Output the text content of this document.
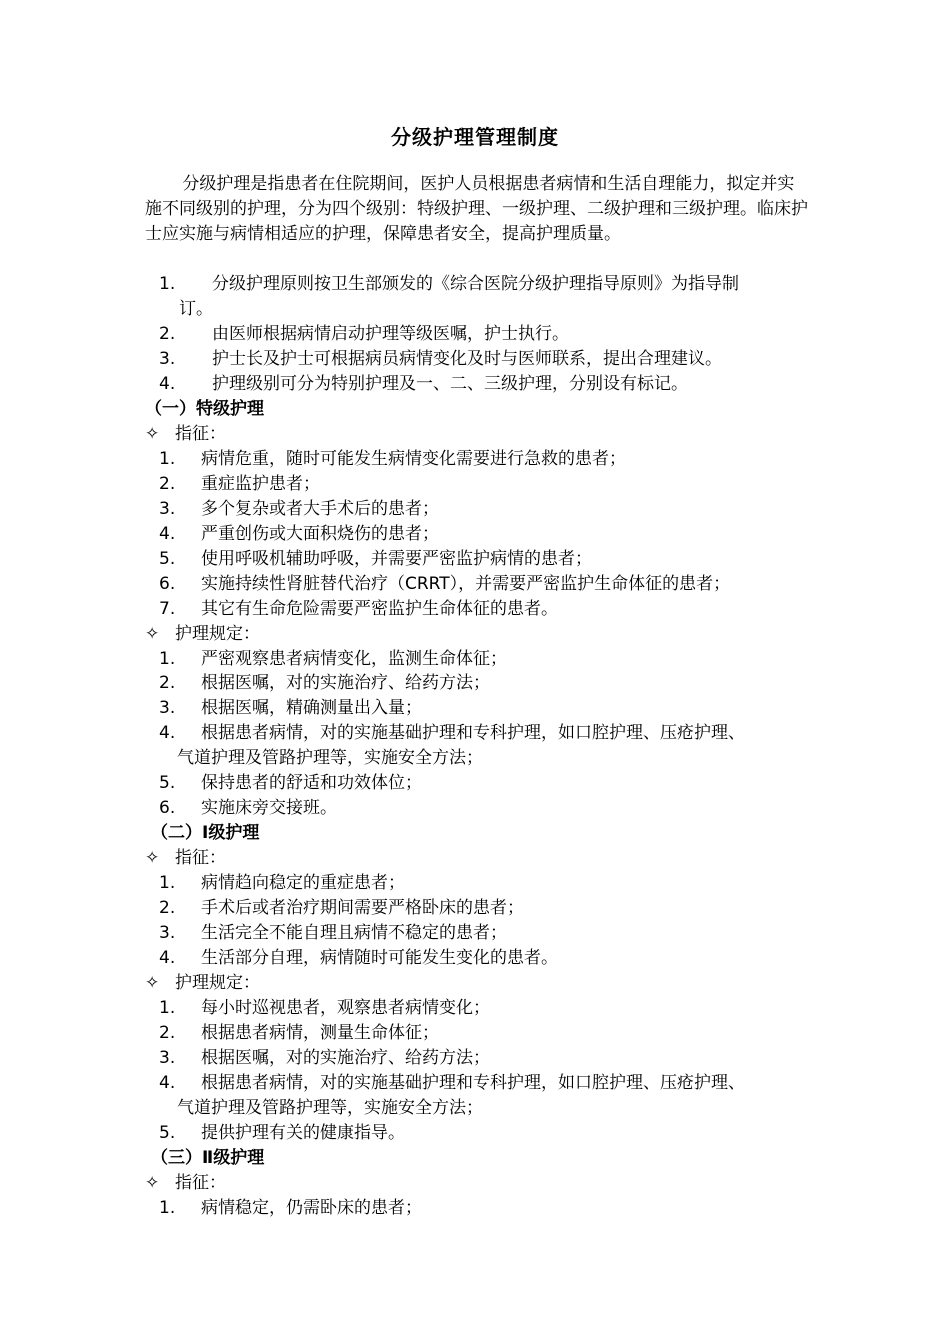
分级护理管理制度

分级护理是指患者在住院期间，医护人员根据患者病情和生活自理能力，拟定并实施不同级别的护理，分为四个级别：特级护理、一级护理、二级护理和三级护理。临床护士应实施与病情相适应的护理，保障患者安全，提高护理质量。

1. 分级护理原则按卫生部颁发的《综合医院分级护理指导原则》为指导制

订。

2. 由医师根据病情启动护理等级医嘱，护士执行。

3. 护士长及护士可根据病员病情变化及时与医师联系，提出合理建议。

4. 护理级别可分为特别护理及一、二、三级护理，分别设有标记。

（一）特级护理

✧ 指征：

1. 病情危重，随时可能发生病情变化需要进行急救的患者；

2. 重症监护患者；

3. 多个复杂或者大手术后的患者；

4. 严重创伤或大面积烧伤的患者；

5. 使用呼吸机辅助呼吸，并需要严密监护病情的患者；

6. 实施持续性肾脏替代治疗（CRRT），并需要严密监护生命体征的患者；

7. 其它有生命危险需要严密监护生命体征的患者。

✧ 护理规定：

1. 严密观察患者病情变化，监测生命体征；

2. 根据医嘱，对的实施治疗、给药方法；

3. 根据医嘱，精确测量出入量；

4. 根据患者病情，对的实施基础护理和专科护理，如口腔护理、压疮护理、
气道护理及管路护理等，实施安全方法；

5. 保持患者的舒适和功效体位；

6. 实施床旁交接班。

（二）Ⅰ级护理

✧ 指征：

1. 病情趋向稳定的重症患者；

2. 手术后或者治疗期间需要严格卧床的患者；

3. 生活完全不能自理且病情不稳定的患者；

4. 生活部分自理，病情随时可能发生变化的患者。

✧ 护理规定：

1. 每小时巡视患者，观察患者病情变化；

2. 根据患者病情，测量生命体征；

3. 根据医嘱，对的实施治疗、给药方法；

4. 根据患者病情，对的实施基础护理和专科护理，如口腔护理、压疮护理、
气道护理及管路护理等，实施安全方法；

5. 提供护理有关的健康指导。

（三）Ⅱ级护理

✧ 指征：

1. 病情稳定，仍需卧床的患者；
